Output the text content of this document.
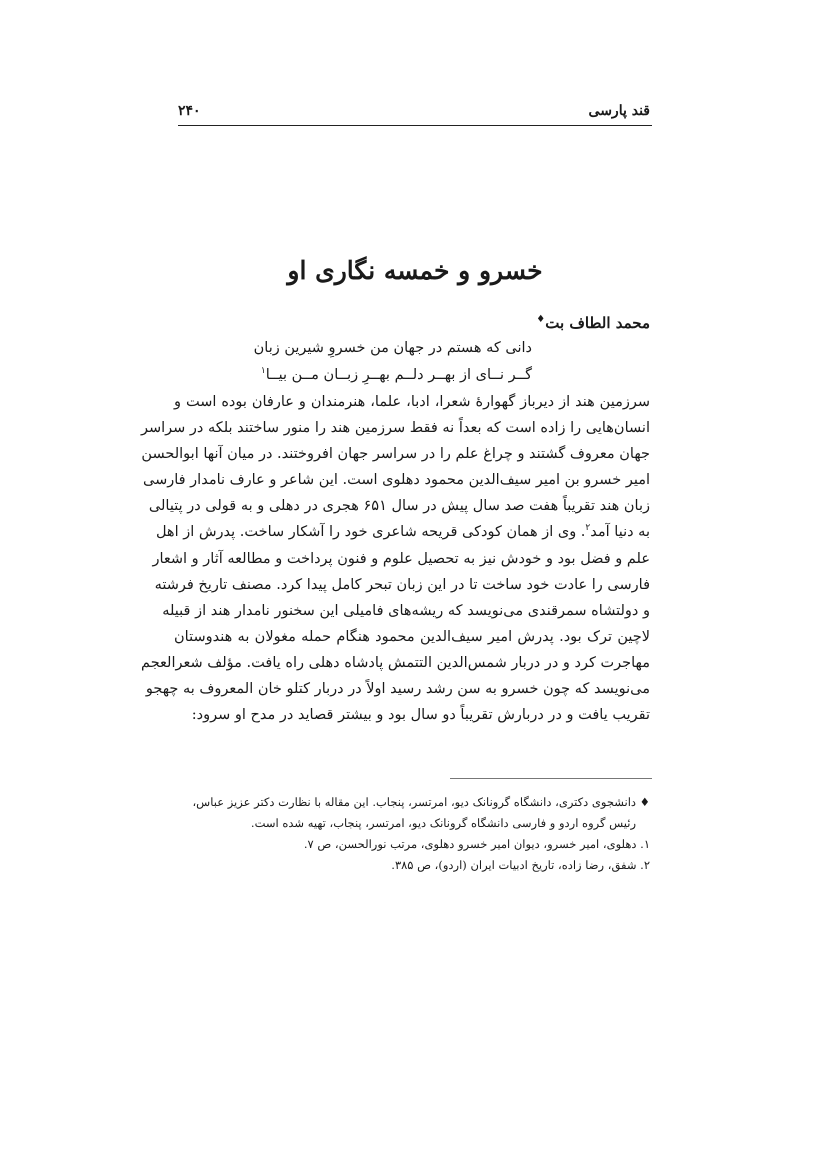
۲۴۰	قند پارسی
خسرو و خمسه نگاری او
محمد الطاف بت♦
دانی که هستم در جهان من خسروِ شیرین زبان
گــر نــای از بهــر دلــم بهــرِ زبــان مــن بیــا$^۱$
سرزمین هند از دیرباز گهوارۀ شعرا، ادبا، علما، هنرمندان و عارفان بوده است و
انسان‌هایی را زاده است که بعداً نه فقط سرزمین هند را منور ساختند بلکه در سراسر
جهان معروف گشتند و چراغ علم را در سراسر جهان افروختند. در میان آنها ابوالحسن
امیر خسرو بن امیر سیف‌الدین محمود دهلوی است. این شاعر و عارف نامدار فارسی
زبان هند تقریباً هفت صد سال پیش در سال ۶۵۱ هجری در دهلی و به قولی در پتیالی
به دنیا آمد$^۲$. وی از همان کودکی قریحه شاعری خود را آشکار ساخت. پدرش از اهل
علم و فضل بود و خودش نیز به تحصیل علوم و فنون پرداخت و مطالعه آثار و اشعار
فارسی را عادت خود ساخت تا در این زبان تبحر کامل پیدا کرد. مصنف تاریخ فرشته
و دولتشاه سمرقندی می‌نویسد که ریشه‌های فامیلی این سخنور نامدار هند از قبیله
لاچین ترک بود. پدرش امیر سیف‌الدین محمود هنگام حمله مغولان به هندوستان
مهاجرت کرد و در دربار شمس‌الدین التتمش پادشاه دهلی راه یافت. مؤلف شعرالعجم
می‌نویسد که چون خسرو به سن رشد رسید اولاً در دربار کتلو خان المعروف به چهجو
تقریب یافت و در دربارش تقریباً دو سال بود و بیشتر قصاید در مدح او سرود:
♦ دانشجوی دکتری، دانشگاه گرونانک دیو، امرتسر، پنجاب. این مقاله با نظارت دکتر عزیز عباس،
رئیس گروه اردو و فارسی دانشگاه گرونانک دیو، امرتسر، پنجاب، تهیه شده است.
۱. دهلوی، امیر خسرو، دیوان امیر خسرو دهلوی، مرتب نورالحسن، ص ۷.
۲. شفق، رضا زاده، تاریخ ادبیات ایران (اردو)، ص ۳۸۵.
